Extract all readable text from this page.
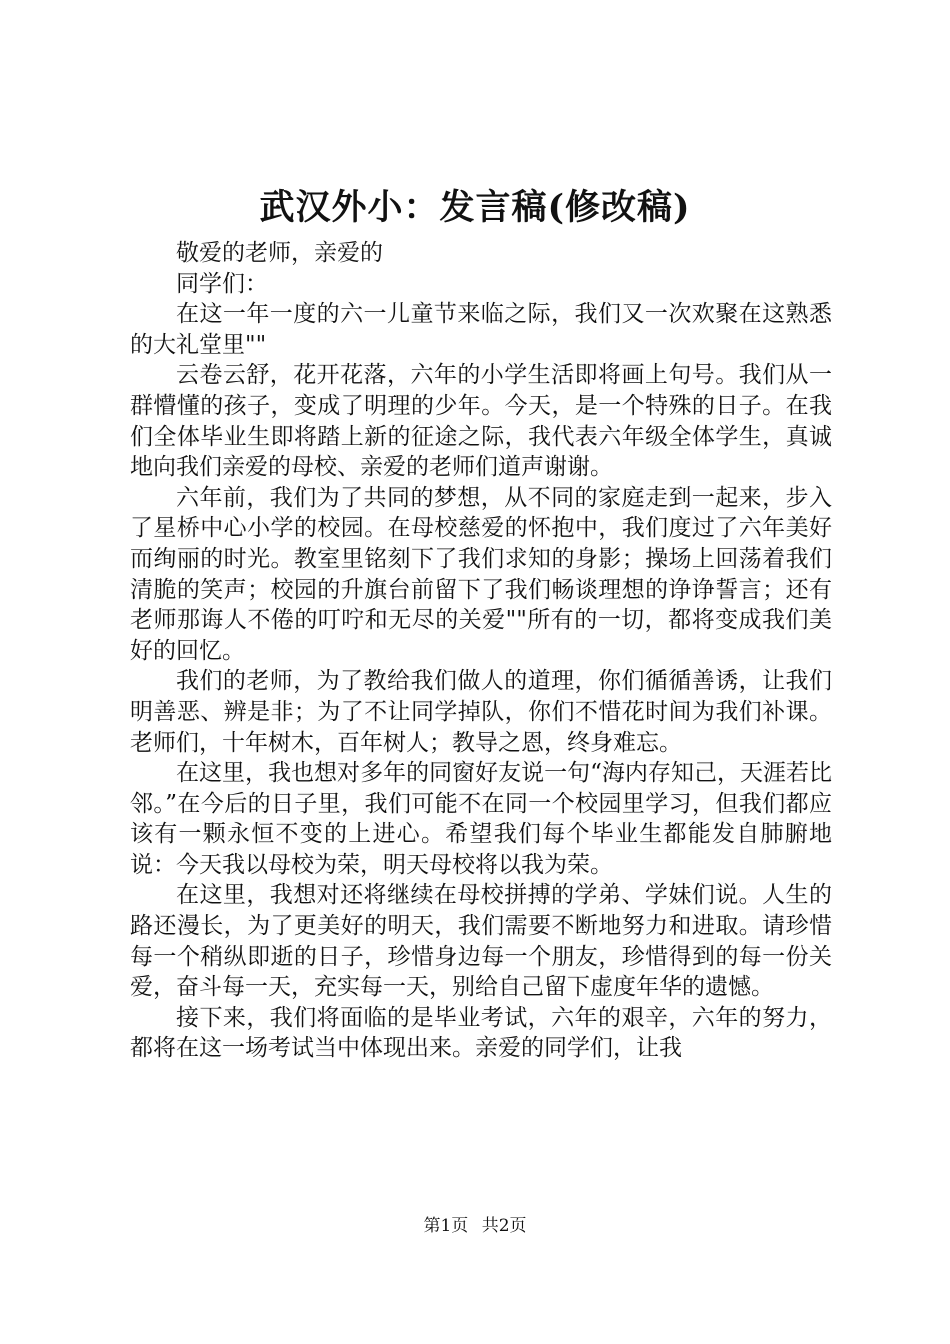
武汉外小：发言稿(修改稿)

敬爱的老师，亲爱的

同学们：

在这一年一度的六一儿童节来临之际，我们又一次欢聚在这熟悉的大礼堂里""

云卷云舒，花开花落，六年的小学生活即将画上句号。我们从一群懵懂的孩子，变成了明理的少年。今天，是一个特殊的日子。在我们全体毕业生即将踏上新的征途之际，我代表六年级全体学生，真诚地向我们亲爱的母校、亲爱的老师们道声谢谢。

六年前，我们为了共同的梦想，从不同的家庭走到一起来，步入了星桥中心小学的校园。在母校慈爱的怀抱中，我们度过了六年美好而绚丽的时光。教室里铭刻下了我们求知的身影；操场上回荡着我们清脆的笑声；校园的升旗台前留下了我们畅谈理想的诤诤誓言；还有老师那诲人不倦的叮咛和无尽的关爱""所有的一切，都将变成我们美好的回忆。

我们的老师，为了教给我们做人的道理，你们循循善诱，让我们明善恶、辨是非；为了不让同学掉队，你们不惜花时间为我们补课。老师们，十年树木，百年树人；教导之恩，终身难忘。

在这里，我也想对多年的同窗好友说一句“海内存知己，天涯若比邻。”在今后的日子里，我们可能不在同一个校园里学习，但我们都应该有一颗永恒不变的上进心。希望我们每个毕业生都能发自肺腑地说：今天我以母校为荣，明天母校将以我为荣。

在这里，我想对还将继续在母校拼搏的学弟、学妹们说。人生的路还漫长，为了更美好的明天，我们需要不断地努力和进取。请珍惜每一个稍纵即逝的日子，珍惜身边每一个朋友，珍惜得到的每一份关爱，奋斗每一天，充实每一天，别给自己留下虚度年华的遗憾。

接下来，我们将面临的是毕业考试，六年的艰辛，六年的努力，都将在这一场考试当中体现出来。亲爱的同学们，让我

第1页 共2页
